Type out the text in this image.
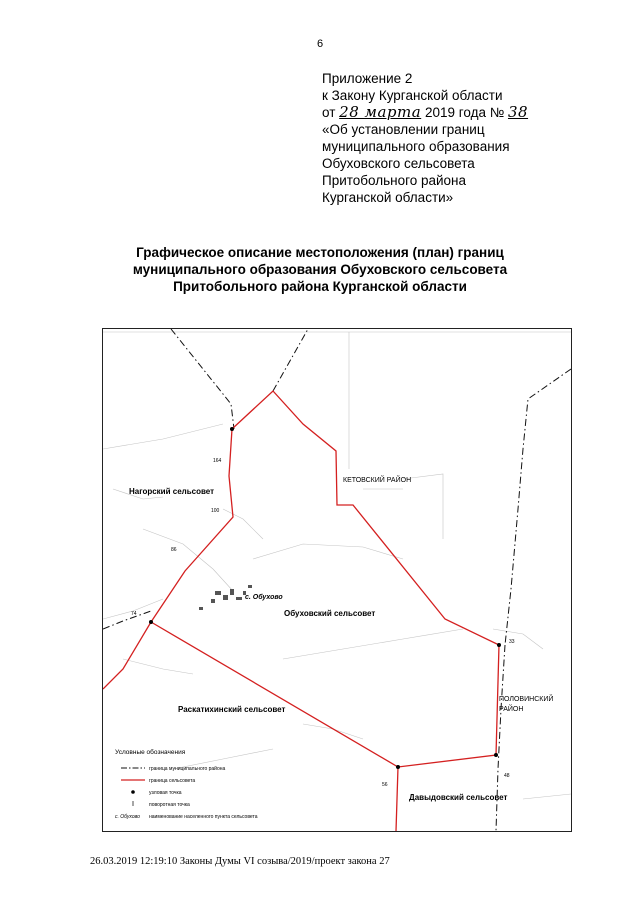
6
Приложение 2
к Закону Курганской области
от 28 марта 2019 года № 38
«Об установлении границ
муниципального образования
Обуховского сельсовета
Притобольного района
Курганской области»
Графическое описание местоположения (план) границ
муниципального образования Обуховского сельсовета
Притобольного района Курганской области
164
100
86
74
33
48
56
Нагорский сельсовет
КЕТОВСКИЙ РАЙОН
с. Обухово
Обуховский сельсовет
Раскатихинский сельсовет
ПОЛОВИНСКИЙ
РАЙОН
Давыдовский сельсовет
Условные обозначения
граница муниципального района
граница сельсовета
узловая точка
поворотная точка
с. Обухово наименование населенного пункта сельсовета
26.03.2019 12:19:10 Законы Думы VI созыва/2019/проект закона 27
